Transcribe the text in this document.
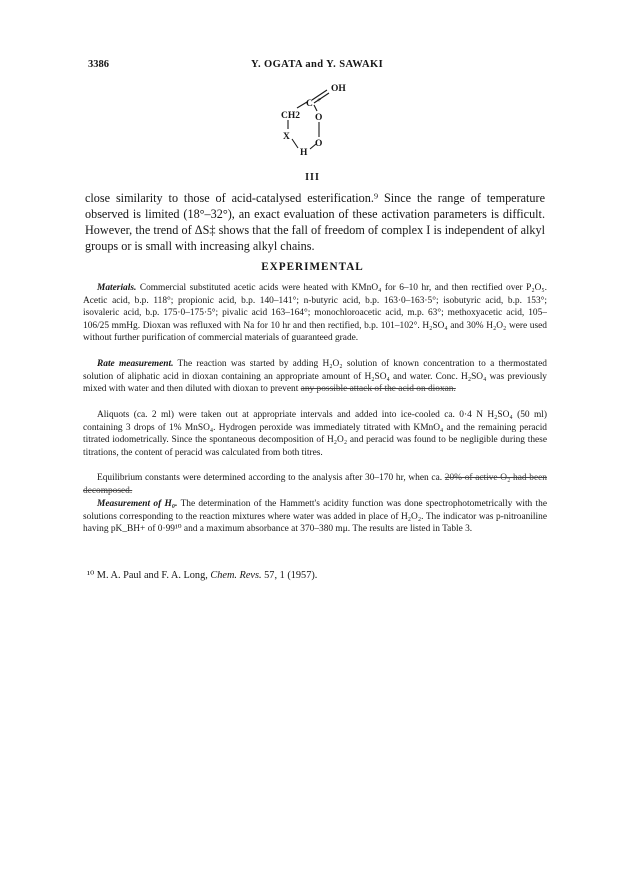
3386	Y. OGATA and Y. SAWAKI
OH
C +
CH2 O
X
O
H
III

close similarity to those of acid-catalysed esterification.⁹ Since the range of temperature observed is limited (18°–32°), an exact evaluation of these activation parameters is difficult. However, the trend of ΔS‡ shows that the fall of freedom of complex I is independent of alkyl groups or is small with increasing alkyl chains.

EXPERIMENTAL

Materials. Commercial substituted acetic acids were heated with KMnO₄ for 6–10 hr, and then rectified over P₂O₅. Acetic acid, b.p. 118°; propionic acid, b.p. 140–141°; n-butyric acid, b.p. 163·0–163·5°; isobutyric acid, b.p. 153°; isovaleric acid, b.p. 175·0–175·5°; pivalic acid 163–164°; monochloroacetic acid, m.p. 63°; methoxyacetic acid, 105–106/25 mmHg. Dioxan was refluxed with Na for 10 hr and then rectified, b.p. 101–102°. H₂SO₄ and 30% H₂O₂ were used without further purification of commercial materials of guaranteed grade.

Rate measurement. The reaction was started by adding H₂O₂ solution of known concentration to a thermostated solution of aliphatic acid in dioxan containing an appropriate amount of H₂SO₄ and water. Conc. H₂SO₄ was previously mixed with water and then diluted with dioxan to prevent any possible attack of the acid on dioxan.

Aliquots (ca. 2 ml) were taken out at appropriate intervals and added into ice-cooled ca. 0·4 N H₂SO₄ (50 ml) containing 3 drops of 1% MnSO₄. Hydrogen peroxide was immediately titrated with KMnO₄ and the remaining peracid titrated iodometrically. Since the spontaneous decomposition of H₂O₂ and peracid was found to be negligible during these titrations, the content of peracid was calculated from both titres.

Equilibrium constants were determined according to the analysis after 30–170 hr, when ca. 20% of active O₂ had been decomposed.

Measurement of H₀. The determination of the Hammett's acidity function was done spectrophotometrically with the solutions corresponding to the reaction mixtures where water was added in place of H₂O₂. The indicator was p-nitroaniline having pK_BH+ of 0·99¹⁰ and a maximum absorbance at 370–380 mμ. The results are listed in Table 3.

¹⁰ M. A. Paul and F. A. Long, Chem. Revs. 57, 1 (1957).
